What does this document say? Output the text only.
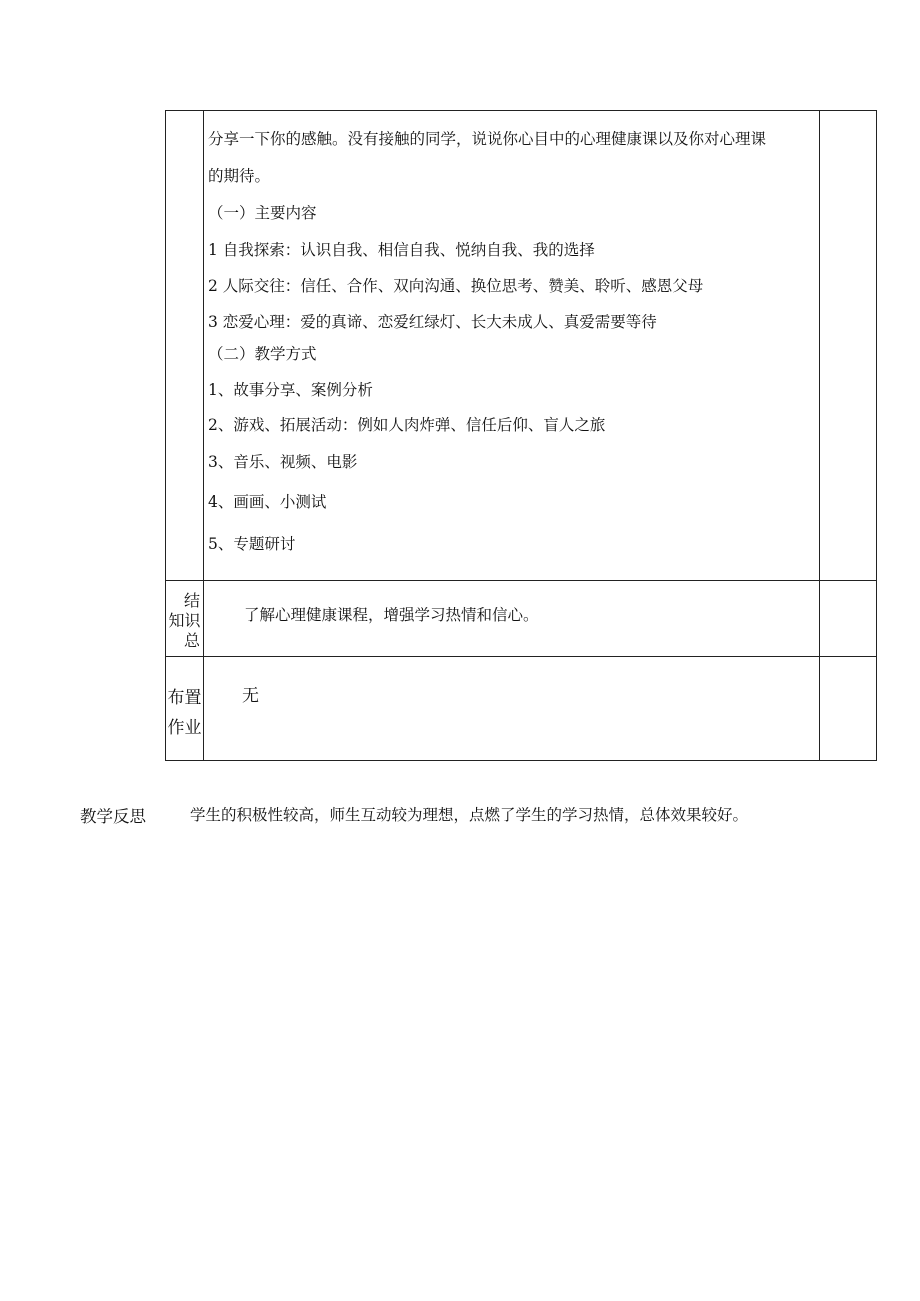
分享一下你的感触。没有接触的同学，说说你心目中的心理健康课以及你对心理课
的期待。
（一）主要内容
1 自我探索：认识自我、相信自我、悦纳自我、我的选择
2 人际交往：信任、合作、双向沟通、换位思考、赞美、聆听、感恩父母
3 恋爱心理：爱的真谛、恋爱红绿灯、长大未成人、真爱需要等待
（二）教学方式
1、故事分享、案例分析
2、游戏、拓展活动：例如人肉炸弹、信任后仰、盲人之旅
3、音乐、视频、电影
4、画画、小测试
5、专题研讨
结
知识
总
了解心理健康课程，增强学习热情和信心。
布置
作业
无
教学反思	学生的积极性较高，师生互动较为理想，点燃了学生的学习热情，总体效果较好。
